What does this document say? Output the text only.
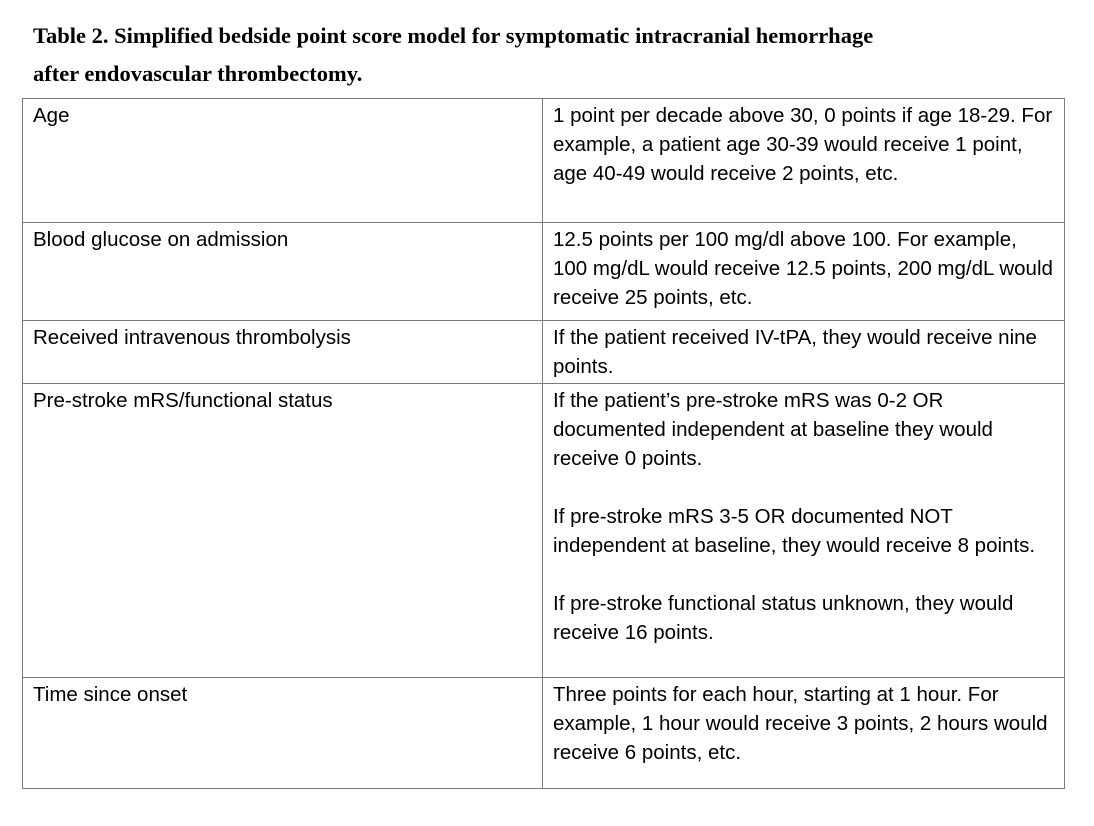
Table 2. Simplified bedside point score model for symptomatic intracranial hemorrhage
after endovascular thrombectomy.

Age	1 point per decade above 30, 0 points if age 18-29. For example, a patient age 30-39 would receive 1 point, age 40-49 would receive 2 points, etc.

Blood glucose on admission	12.5 points per 100 mg/dl above 100. For example, 100 mg/dL would receive 12.5 points, 200 mg/dL would receive 25 points, etc.

Received intravenous thrombolysis	If the patient received IV-tPA, they would receive nine points.

Pre-stroke mRS/functional status	If the patient’s pre-stroke mRS was 0-2 OR documented independent at baseline they would receive 0 points.

If pre-stroke mRS 3-5 OR documented NOT independent at baseline, they would receive 8 points.

If pre-stroke functional status unknown, they would receive 16 points.

Time since onset	Three points for each hour, starting at 1 hour. For example, 1 hour would receive 3 points, 2 hours would receive 6 points, etc.
